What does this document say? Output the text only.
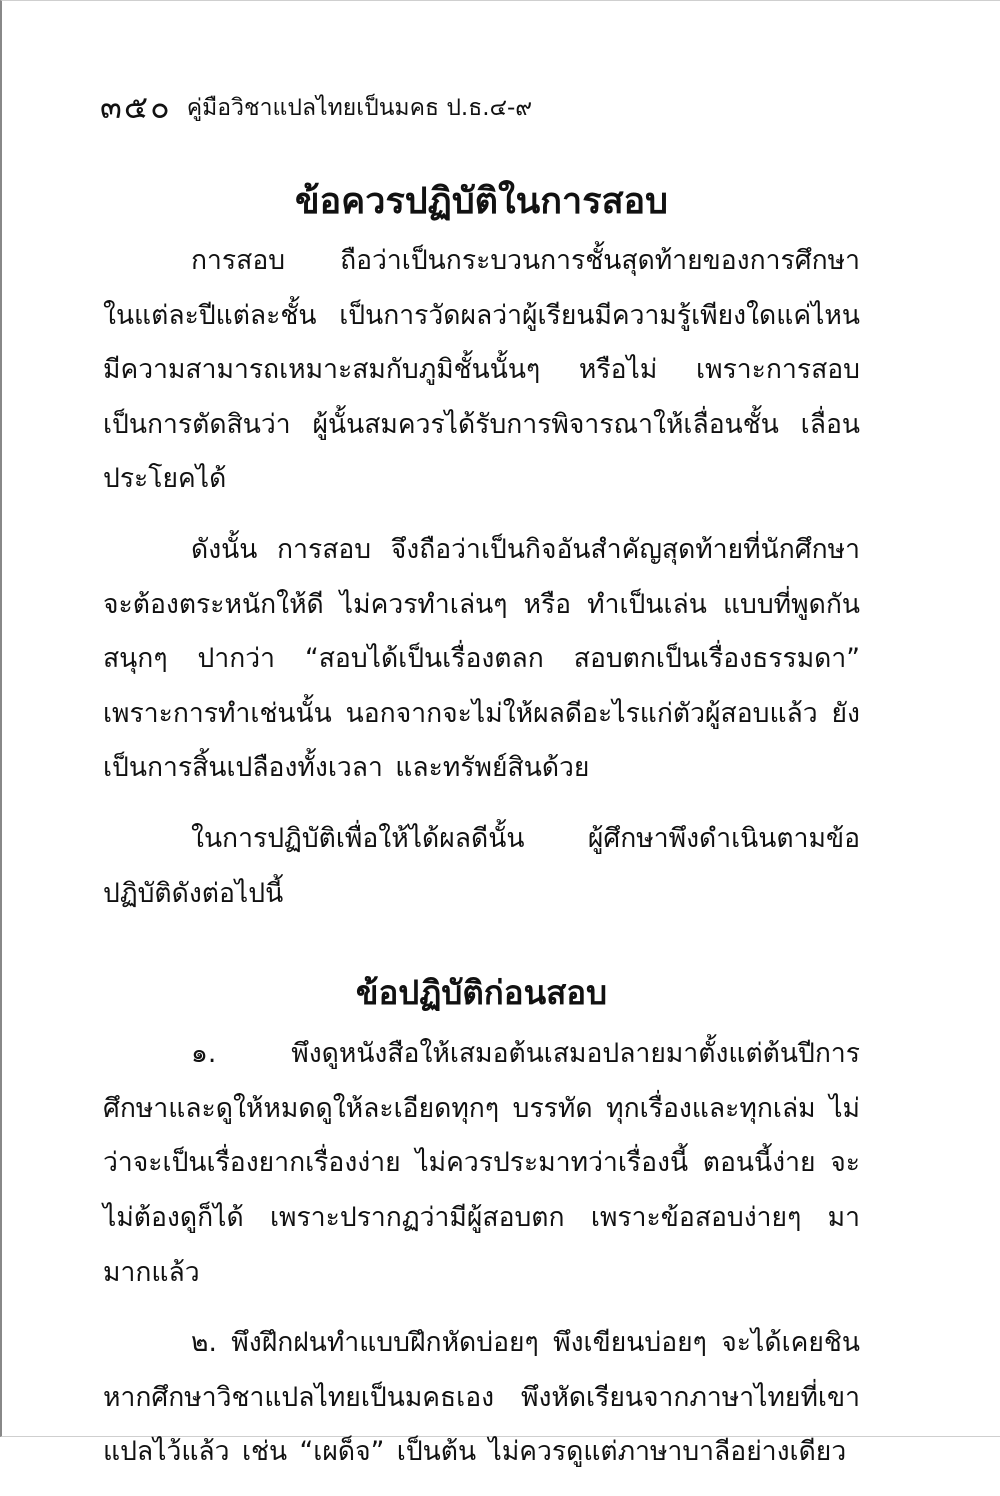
๓๕๐ คู่มือวิชาแปลไทยเป็นมคธ ป.ธ.๔-๙
ข้อควรปฏิบัติในการสอบ

การสอบ ถือว่าเป็นกระบวนการชั้นสุดท้ายของการศึกษา ในแต่ละปีแต่ละชั้น เป็นการวัดผลว่าผู้เรียนมีความรู้เพียงใดแค่ไหน มีความสามารถเหมาะสมกับภูมิชั้นนั้นๆ หรือไม่ เพราะการสอบเป็นการตัดสินว่า ผู้นั้นสมควรได้รับการพิจารณาให้เลื่อนชั้น เลื่อนประโยคได้

ดังนั้น การสอบ จึงถือว่าเป็นกิจอันสำคัญสุดท้ายที่นักศึกษาจะต้องตระหนักให้ดี ไม่ควรทำเล่นๆ หรือ ทำเป็นเล่น แบบที่พูดกันสนุกๆ ปากว่า “สอบได้เป็นเรื่องตลก สอบตกเป็นเรื่องธรรมดา” เพราะการทำเช่นนั้น นอกจากจะไม่ให้ผลดีอะไรแก่ตัวผู้สอบแล้ว ยังเป็นการสิ้นเปลืองทั้งเวลา และทรัพย์สินด้วย

ในการปฏิบัติเพื่อให้ได้ผลดีนั้น ผู้ศึกษาพึงดำเนินตามข้อปฏิบัติดังต่อไปนี้

ข้อปฏิบัติก่อนสอบ

๑. พึงดูหนังสือให้เสมอต้นเสมอปลายมาตั้งแต่ต้นปีการศึกษาและดูให้หมดดูให้ละเอียดทุกๆ บรรทัด ทุกเรื่องและทุกเล่ม ไม่ว่าจะเป็นเรื่องยากเรื่องง่าย ไม่ควรประมาทว่าเรื่องนี้ ตอนนี้ง่าย จะไม่ต้องดูก็ได้ เพราะปรากฏว่ามีผู้สอบตก เพราะข้อสอบง่ายๆ มามากแล้ว

๒. พึงฝึกฝนทำแบบฝึกหัดบ่อยๆ พึงเขียนบ่อยๆ จะได้เคยชินหากศึกษาวิชาแปลไทยเป็นมคธเอง พึงหัดเรียนจากภาษาไทยที่เขาแปลไว้แล้ว เช่น “เผด็จ” เป็นต้น ไม่ควรดูแต่ภาษาบาลีอย่างเดียว
